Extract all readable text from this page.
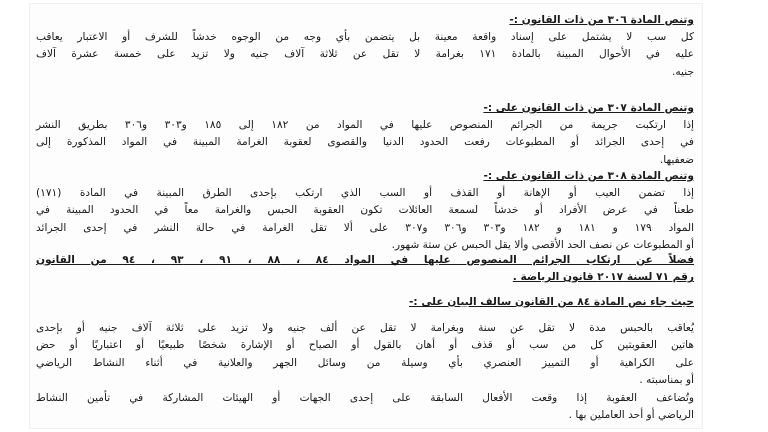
وتنص المادة ٣٠٦ من ذات القانون :-

كل سب لا يشتمل على إسناد واقعة معينة بل يتضمن بأي وجه من الوجوه خدشاً للشرف أو الاعتبار يعاقب

عليه في الأحوال المبينة بالمادة ١٧١ بغرامة لا تقل عن ثلاثة آلاف جنيه ولا تزيد على خمسة عشرة آلاف

جنيه.

وتنص المادة ٣٠٧ من ذات القانون على :-

إذا ارتكبت جريمة من الجرائم المنصوص عليها في المواد من ١٨٢ إلى ١٨٥ و٣٠٣ و٣٠٦ بطريق النشر

في إحدى الجرائد أو المطبوعات رفعت الحدود الدنيا والقصوى لعقوبة الغرامة المبينة في المواد المذكورة إلى

ضعفيها.

وتنص المادة ٣٠٨ من ذات القانون على :-

إذا تضمن العيب أو الإهانة أو القذف أو السب الذي ارتكب بإحدى الطرق المبينة في المادة (١٧١)

طعناً في عرض الأفراد أو خدشاً لسمعة العائلات تكون العقوبة الحبس والغرامة معاً في الحدود المبينة في

المواد ١٧٩ و ١٨١ و ١٨٢ و٣٠٣ و٣٠٦ و٣٠٧ على ألا تقل الغرامة في حالة النشر في إحدى الجرائد

أو المطبوعات عن نصف الحد الأقصى وألا يقل الحبس عن ستة شهور.

فضلاً عن ارتكاب الجرائم المنصوص عليها في المواد ٨٤ ، ٨٨ ، ٩١ ، ٩٣ ، ٩٤ من القانون

رقم ٧١ لسنة ٢٠١٧ قانون الرياضة .

حيث جاء نص المادة ٨٤ من القانون سالف البيان على :-

يُعاقب بالحبس مدة لا تقل عن سنة وبغرامة لا تقل عن ألف جنيه ولا تزيد على ثلاثة آلاف جنيه أو بإحدى

هاتين العقوبتين كل من سب أو قذف أو أهان بالقول أو الصياح أو الإشارة شخصًا طبيعيًا أو اعتباريًا أو حض

على الكراهية أو التمييز العنصري بأي وسيلة من وسائل الجهر والعلانية في أثناء النشاط الرياضي

أو بمناسبته .

وتُضاعف العقوبة إذا وقعت الأفعال السابقة على إحدى الجهات أو الهيئات المشاركة في تأمين النشاط

الرياضي أو أحد العاملين بها .
